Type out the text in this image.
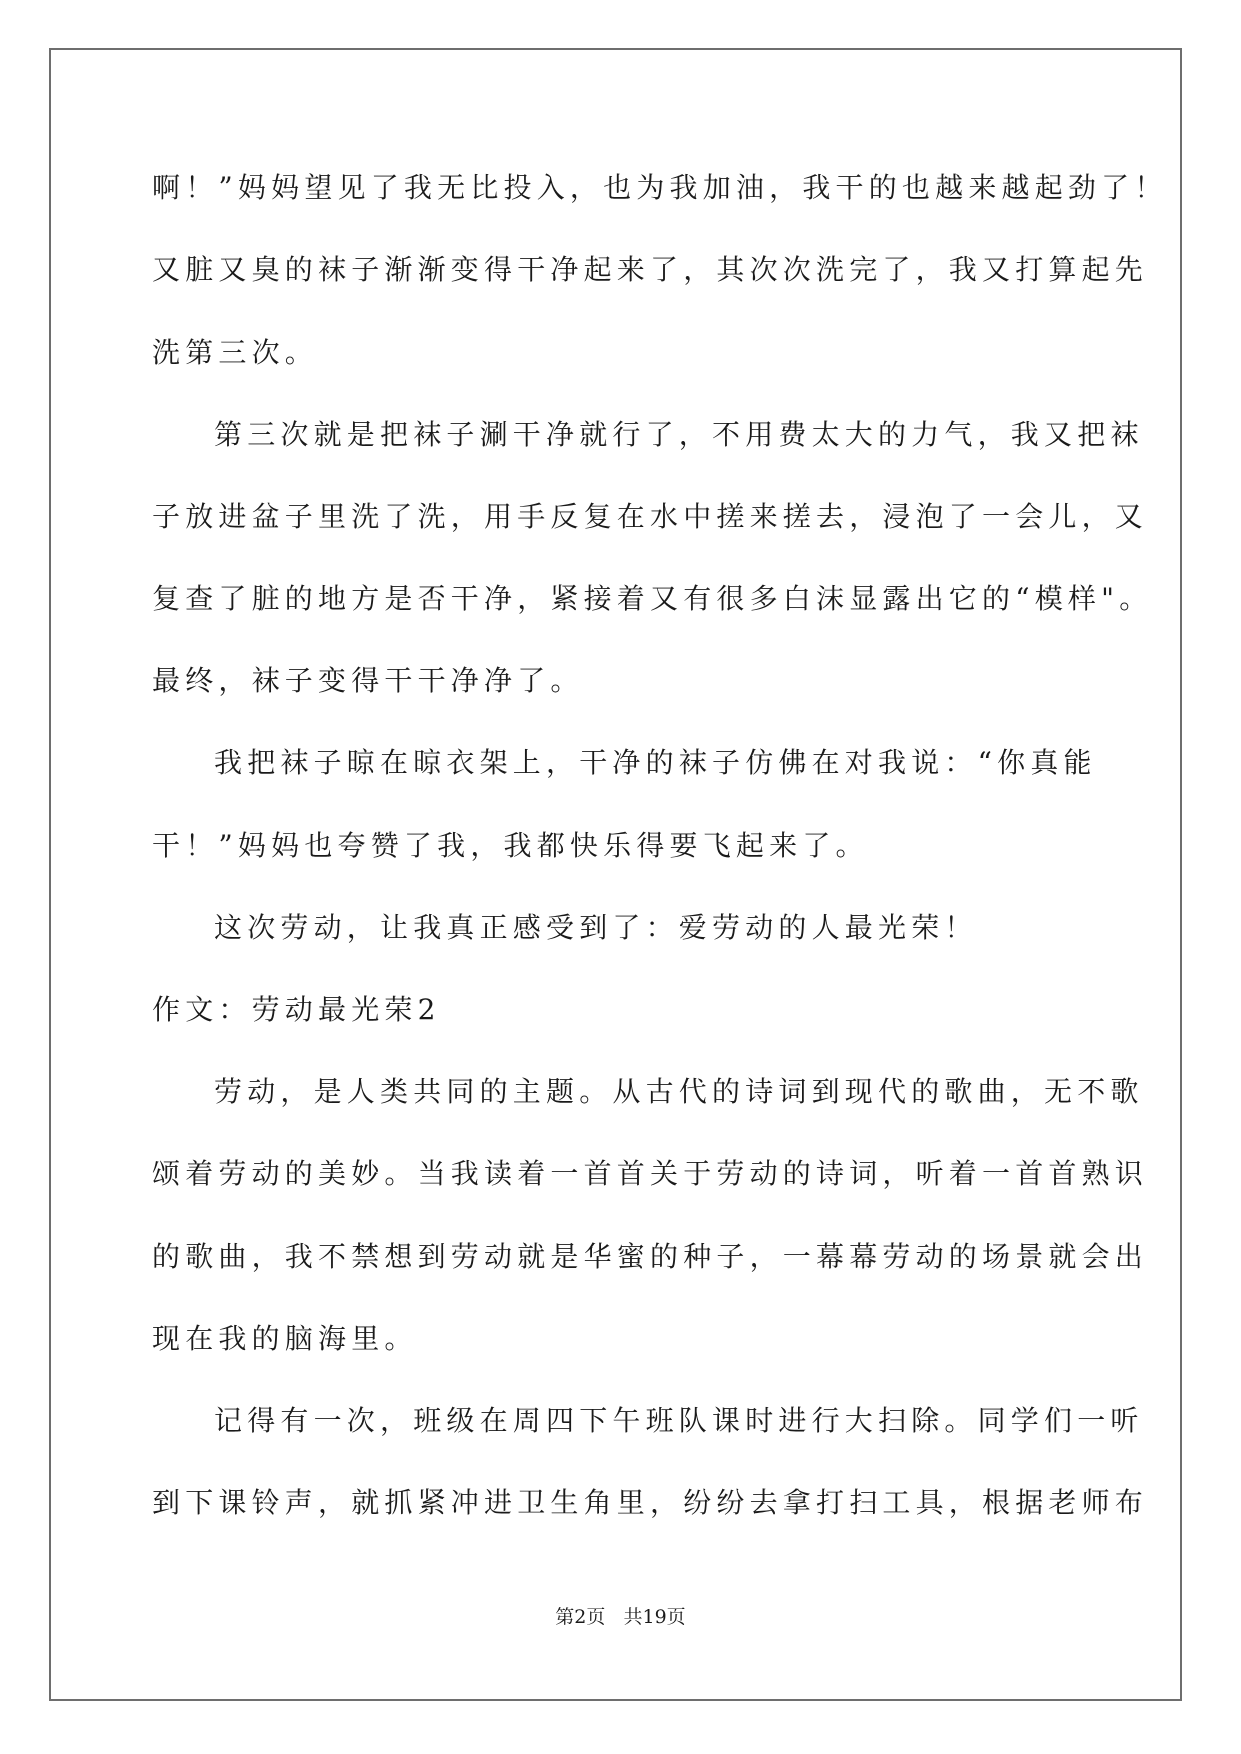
啊！”妈妈望见了我无比投入，也为我加油，我干的也越来越起劲了！
又脏又臭的袜子渐渐变得干净起来了，其次次洗完了，我又打算起先
洗第三次。
第三次就是把袜子涮干净就行了，不用费太大的力气，我又把袜
子放进盆子里洗了洗，用手反复在水中搓来搓去，浸泡了一会儿，又
复查了脏的地方是否干净，紧接着又有很多白沫显露出它的“模样"。
最终，袜子变得干干净净了。
我把袜子晾在晾衣架上，干净的袜子仿佛在对我说：“你真能
干！”妈妈也夸赞了我，我都快乐得要飞起来了。
这次劳动，让我真正感受到了：爱劳动的人最光荣！
作文：劳动最光荣2
劳动，是人类共同的主题。从古代的诗词到现代的歌曲，无不歌
颂着劳动的美妙。当我读着一首首关于劳动的诗词，听着一首首熟识
的歌曲，我不禁想到劳动就是华蜜的种子，一幕幕劳动的场景就会出
现在我的脑海里。
记得有一次，班级在周四下午班队课时进行大扫除。同学们一听
到下课铃声，就抓紧冲进卫生角里，纷纷去拿打扫工具，根据老师布
第2页   共19页
